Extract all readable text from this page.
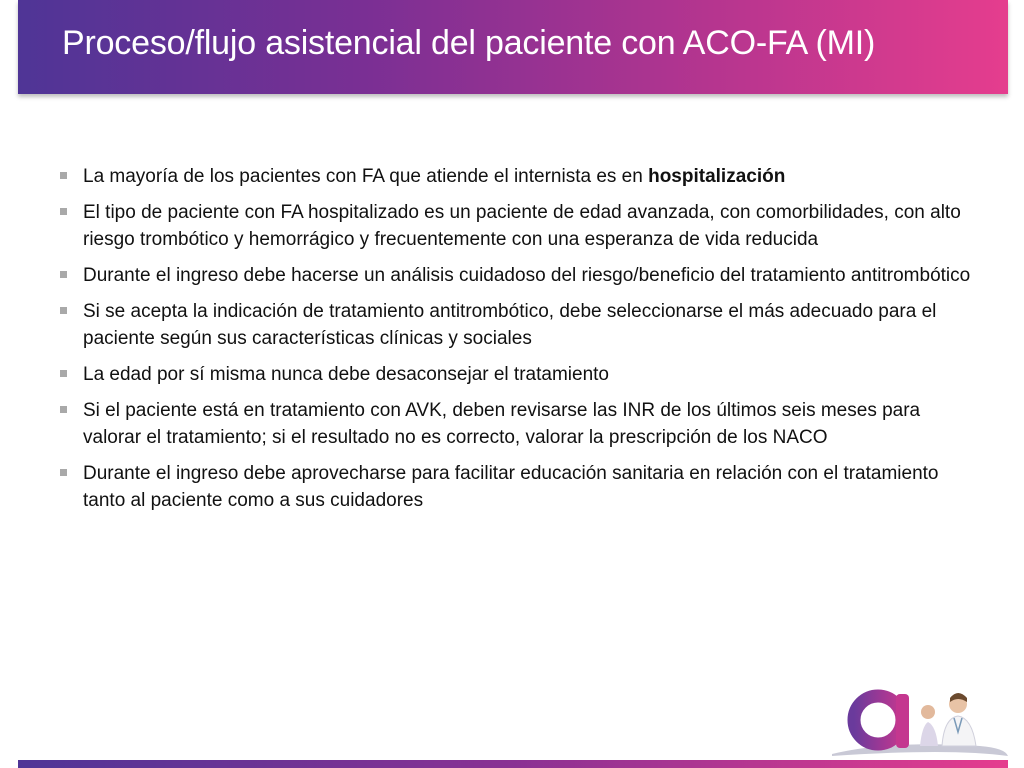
Proceso/flujo asistencial del paciente con ACO-FA (MI)
La mayoría de los pacientes con FA que atiende el internista es en hospitalización
El tipo de paciente con FA hospitalizado es un paciente de edad avanzada, con comorbilidades, con alto riesgo trombótico y hemorrágico y frecuentemente con una esperanza de vida reducida
Durante el ingreso debe hacerse un análisis cuidadoso del riesgo/beneficio del tratamiento antitrombótico
Si se acepta la indicación de tratamiento antitrombótico, debe seleccionarse el más adecuado para el paciente según sus características clínicas y sociales
La edad por sí misma nunca debe desaconsejar el tratamiento
Si el paciente está en tratamiento con AVK, deben revisarse las INR de los últimos seis meses para valorar el tratamiento; si el resultado no es correcto, valorar la prescripción de los NACO
Durante el ingreso debe aprovecharse para facilitar educación sanitaria en relación con el tratamiento tanto al paciente como a sus cuidadores
